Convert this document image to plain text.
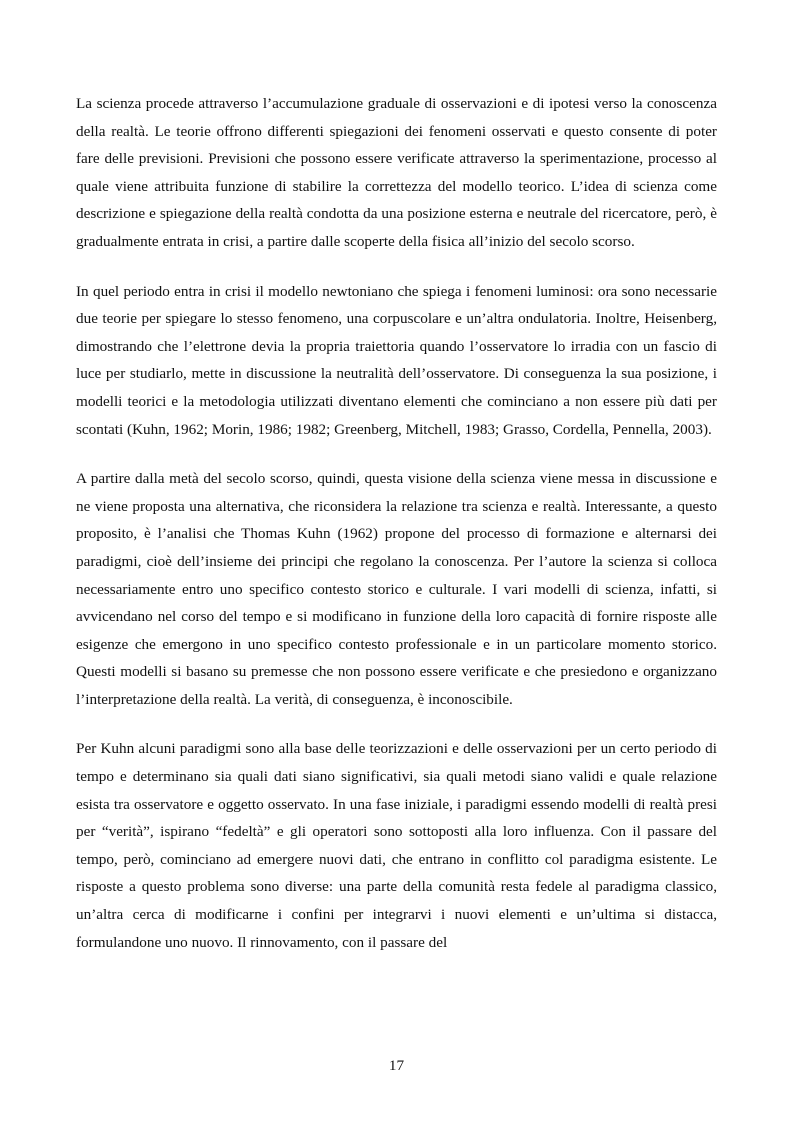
La scienza procede attraverso l’accumulazione graduale di osservazioni e di ipotesi verso la conoscenza della realtà. Le teorie offrono differenti spiegazioni dei fenomeni osservati e questo consente di poter fare delle previsioni. Previsioni che possono essere verificate attraverso la sperimentazione, processo al quale viene attribuita funzione di stabilire la correttezza del modello teorico. L’idea di scienza come descrizione e spiegazione della realtà condotta da una posizione esterna e neutrale del ricercatore, però, è gradualmente entrata in crisi, a partire dalle scoperte della fisica all’inizio del secolo scorso.

In quel periodo entra in crisi il modello newtoniano che spiega i fenomeni luminosi: ora sono necessarie due teorie per spiegare lo stesso fenomeno, una corpuscolare e un’altra ondulatoria. Inoltre, Heisenberg, dimostrando che l’elettrone devia la propria traiettoria quando l’osservatore lo irradia con un fascio di luce per studiarlo, mette in discussione la neutralità dell’osservatore. Di conseguenza la sua posizione, i modelli teorici e la metodologia utilizzati diventano elementi che cominciano a non essere più dati per scontati (Kuhn, 1962; Morin, 1986; 1982; Greenberg, Mitchell, 1983; Grasso, Cordella, Pennella, 2003).

A partire dalla metà del secolo scorso, quindi, questa visione della scienza viene messa in discussione e ne viene proposta una alternativa, che riconsidera la relazione tra scienza e realtà. Interessante, a questo proposito, è l’analisi che Thomas Kuhn (1962) propone del processo di formazione e alternarsi dei paradigmi, cioè dell’insieme dei principi che regolano la conoscenza. Per l’autore la scienza si colloca necessariamente entro uno specifico contesto storico e culturale. I vari modelli di scienza, infatti, si avvicendano nel corso del tempo e si modificano in funzione della loro capacità di fornire risposte alle esigenze che emergono in uno specifico contesto professionale e in un particolare momento storico. Questi modelli si basano su premesse che non possono essere verificate e che presiedono e organizzano l’interpretazione della realtà. La verità, di conseguenza, è inconoscibile.

Per Kuhn alcuni paradigmi sono alla base delle teorizzazioni e delle osservazioni per un certo periodo di tempo e determinano sia quali dati siano significativi, sia quali metodi siano validi e quale relazione esista tra osservatore e oggetto osservato. In una fase iniziale, i paradigmi essendo modelli di realtà presi per “verità”, ispirano “fedeltà” e gli operatori sono sottoposti alla loro influenza. Con il passare del tempo, però, cominciano ad emergere nuovi dati, che entrano in conflitto col paradigma esistente. Le risposte a questo problema sono diverse: una parte della comunità resta fedele al paradigma classico, un’altra cerca di modificarne i confini per integrarvi i nuovi elementi e un’ultima si distacca, formulandone uno nuovo. Il rinnovamento, con il passare del

17
